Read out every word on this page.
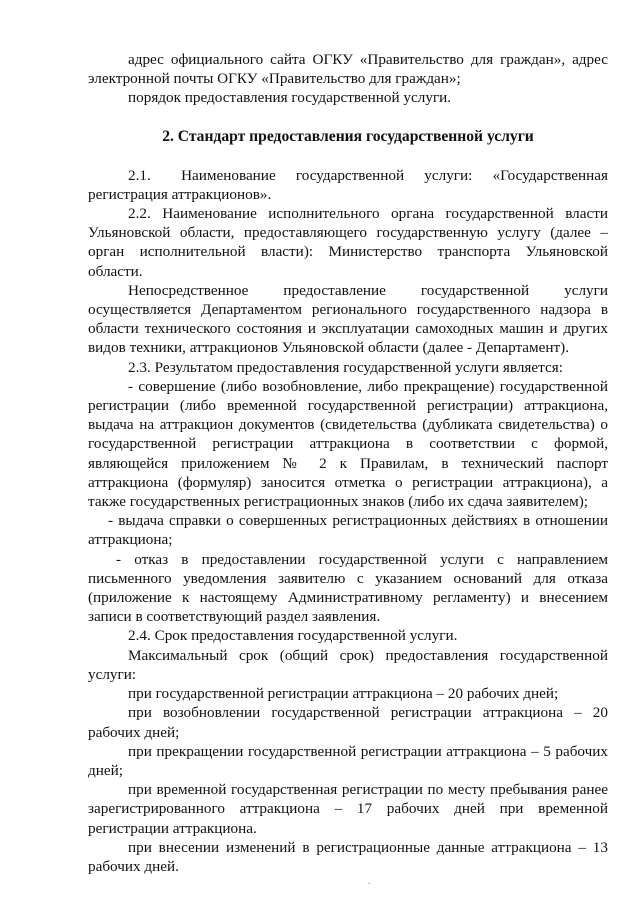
адрес официального сайта ОГКУ «Правительство для граждан», адрес электронной почты ОГКУ «Правительство для граждан»;

порядок предоставления государственной услуги.

2. Стандарт предоставления государственной услуги

2.1.      Наименование    государственной    услуги:    «Государственная регистрация аттракционов».

2.2. Наименование исполнительного органа государственной власти Ульяновской области, предоставляющего государственную услугу (далее – орган исполнительной власти): Министерство транспорта Ульяновской области.

Непосредственное предоставление государственной услуги осуществляется Департаментом регионального государственного надзора в области технического состояния и эксплуатации самоходных машин и других видов техники, аттракционов Ульяновской области (далее - Департамент).

2.3. Результатом предоставления государственной услуги является:

- совершение (либо возобновление, либо прекращение) государственной регистрации (либо временной государственной регистрации) аттракциона, выдача на аттракцион документов (свидетельства (дубликата свидетельства) о государственной регистрации аттракциона в соответствии с формой, являющейся приложением № 2 к Правилам, в технический паспорт аттракциона (формуляр) заносится отметка о регистрации аттракциона), а также государственных регистрационных знаков (либо их сдача заявителем);

- выдача справки о совершенных регистрационных действиях в отношении аттракциона;

- отказ в предоставлении государственной услуги с направлением письменного уведомления заявителю с указанием оснований для отказа (приложение к настоящему Административному регламенту) и внесением записи в соответствующий раздел заявления.

2.4. Срок предоставления государственной услуги.

Максимальный срок (общий срок) предоставления государственной услуги:

при государственной регистрации аттракциона – 20 рабочих дней;

при возобновлении государственной регистрации аттракциона – 20 рабочих дней;

при прекращении государственной регистрации аттракциона – 5 рабочих дней;

при временной государственная регистрации по месту пребывания ранее зарегистрированного аттракциона – 17 рабочих дней при временной регистрации аттракциона.

при внесении изменений в регистрационные данные аттракциона – 13 рабочих дней.
